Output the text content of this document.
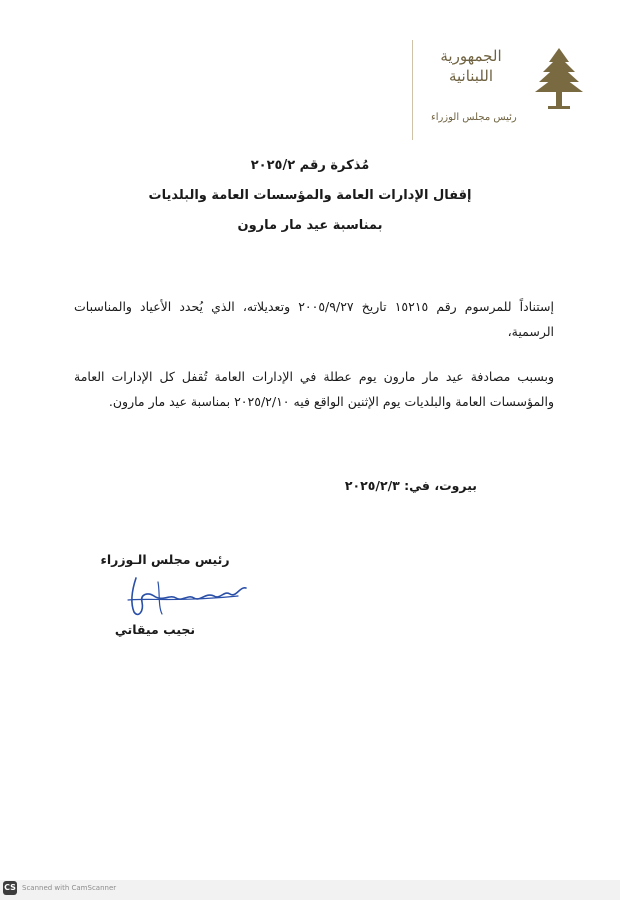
الجمهورية
اللبنانية
رئيس مجلس الوزراء
مُذكرة رقم ٢٠٢٥/٢
إقفال الإدارات العامة والمؤسسات العامة والبلديات
بمناسبة عيد مار مارون
إستناداً للمرسوم رقم ١٥٢١٥ تاريخ ٢٠٠٥/٩/٢٧ وتعديلاته، الذي يُحدد الأعياد والمناسبات الرسمية،
وبسبب مصادفة عيد مار مارون يوم عطلة في الإدارات العامة تُقفل كل الإدارات العامة والمؤسسات العامة والبلديات يوم الإثنين الواقع فيه ٢٠٢٥/٢/١٠ بمناسبة عيد مار مارون.
بيروت، في: ٢٠٢٥/٢/٣
رئيس مجلس الـوزراء
نجيب ميقاتي
CS Scanned with CamScanner
